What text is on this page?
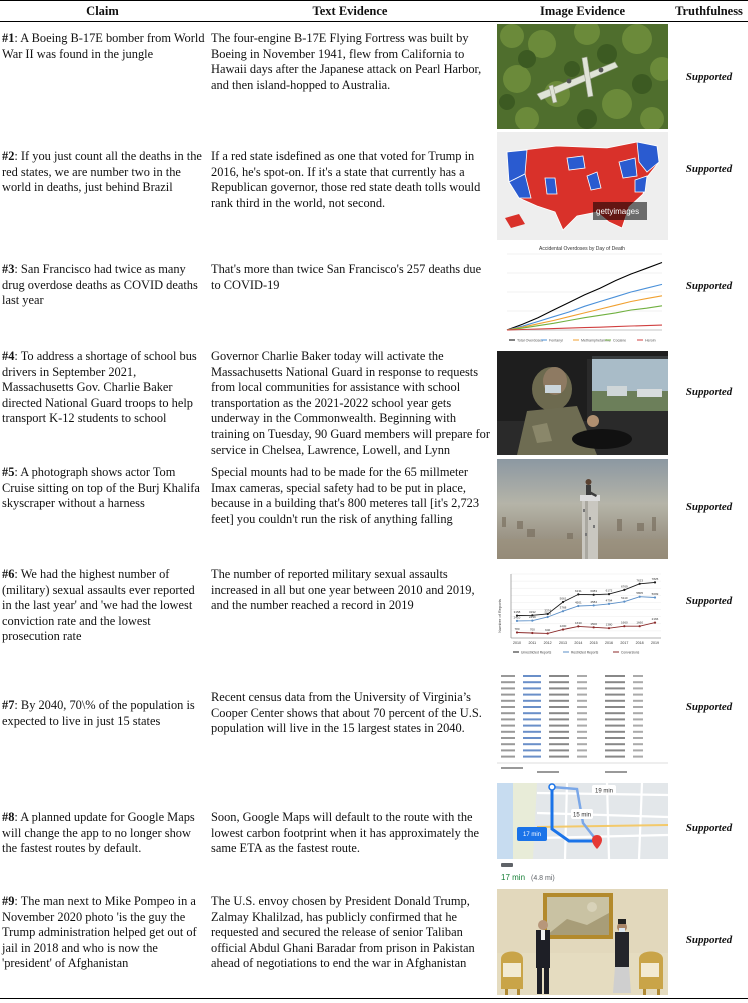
Claim	Text Evidence	Image Evidence	Truthfulness
#1: A Boeing B-17E bomber from World War II was found in the jungle
The four-engine B-17E Flying Fortress was built by Boeing in November 1941, flew from California to Hawaii days after the Japanese attack on Pearl Harbor, and then island-hopped to Australia.
Supported
#2: If you just count all the deaths in the red states, we are number two in the world in deaths, just behind Brazil
If a red state isdefined as one that voted for Trump in 2016, he's spot-on. If it's a state that currently has a Republican governor, those red state death tolls would rank third in the world, not second.
gettyimages
Supported
#3: San Francisco had twice as many drug overdose deaths as COVID deaths last year
That's more than twice San Francisco's 257 deaths due to COVID-19
Accidental Overdoses by Day of Death
Total Overdoses Fentanyl	Methamphetamine Cocaine	Heroin
Supported
#4: To address a shortage of school bus drivers in September 2021, Massachusetts Gov. Charlie Baker directed National Guard troops to help transport K-12 students to school
Governor Charlie Baker today will activate the Massachusetts National Guard in response to requests from local communities for assistance with school transportation as the 2021-2022 school year gets underway in the Commonwealth. Beginning with training on Tuesday, 90 Guard members will prepare for service in Chelsea, Lawrence, Lowell, and Lynn
Supported
#5: A photograph shows actor Tom Cruise sitting on top of the Burj Khalifa skyscraper without a harness
Special mounts had to be made for the 65 millmeter Imax cameras, special safety had to be put in place, because in a building that's 800 meteres tall [it's 2,723 feet] you couldn't run the risk of anything falling
Supported
#6: We had the highest number of (military) sexual assaults ever reported in the last year' and 'we had the lowest conviction rate and the lowest prosecution rate
The number of reported military sexual assaults increased in all but one year between 2010 and 2019, and the number reached a record in 2019	Number of Reports	3158	3192	3374
5061
6131	6083	6172
6769
7623	7825
2410	2439
2949
3768
4501	4584	4794
5110
5805	5699
780	700	640
1200
1630	1500	1380	1660	1660
2166
2010 2011 2012 2013 2014 2015 2016 2017 2018 2019
Unrestricted Reports	Restricted Reports	Conversions
Supported
#7: By 2040, 70\% of the population is expected to live in just 15 states
Recent census data from the University of Virginia’s Cooper Center shows that about 70 percent of the U.S. population will live in the 15 largest states in 2040.
Supported
#8: A planned update for Google Maps will change the app to no longer show the fastest routes by default.
Soon, Google Maps will default to the route with the lowest carbon footprint when it has approximately the same ETA as the fastest route.
19 min
15 min
17 min
17 min (4.8 mi)
Supported
#9: The man next to Mike Pompeo in a November 2020 photo 'is the guy the Trump administration helped get out of jail in 2018 and who is now the 'president' of Afghanistan
The U.S. envoy chosen by President Donald Trump, Zalmay Khalilzad, has publicly confirmed that he requested and secured the release of senior Taliban official Abdul Ghani Baradar from prison in Pakistan ahead of negotiations to end the war in Afghanistan
Supported
